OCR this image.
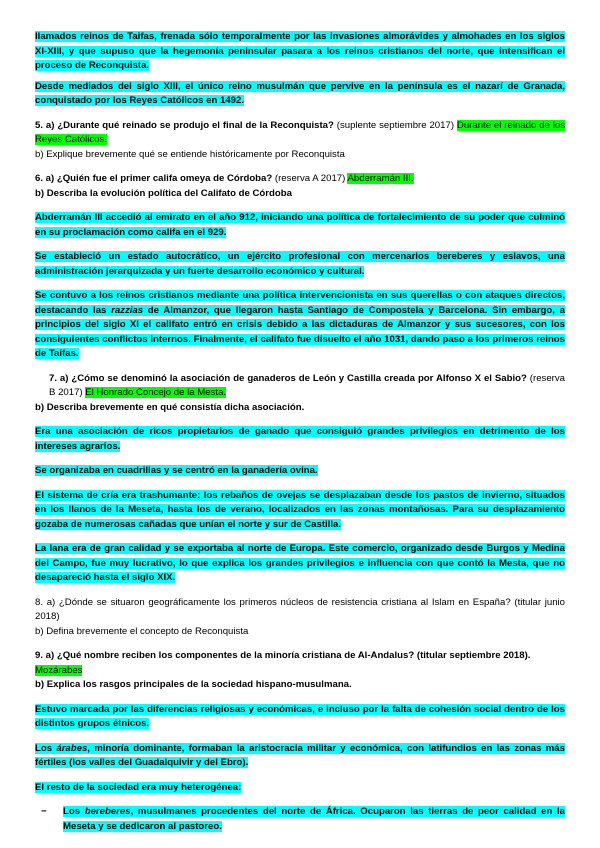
llamados reinos de Taifas, frenada sólo temporalmente por las invasiones almorávides y almohades en los siglos XI-XIII, y que supuso que la hegemonía peninsular pasara a los reinos cristianos del norte, que intensifican el proceso de Reconquista.

Desde mediados del siglo XIII, el único reino musulmán que pervive en la península es el nazarí de Granada, conquistado por los Reyes Católicos en 1492.

5. a) ¿Durante qué reinado se produjo el final de la Reconquista? (suplente septiembre 2017) Durante el reinado de los Reyes Católicos.

b) Explique brevemente qué se entiende históricamente por Reconquista

6. a) ¿Quién fue el primer califa omeya de Córdoba? (reserva A 2017) Abderramán III.

b) Describa la evolución política del Califato de Córdoba

Abderramán III accedió al emirato en el año 912, iniciando una política de fortalecimiento de su poder que culminó en su proclamación como califa en el 929.

Se estableció un estado autocrático, un ejército profesional con mercenarios bereberes y eslavos, una administración jerarquizada y un fuerte desarrollo económico y cultural.

Se contuvo a los reinos cristianos mediante una política intervencionista en sus querellas o con ataques directos, destacando las razzias de Almanzor, que llegaron hasta Santiago de Compostela y Barcelona. Sin embargo, a principios del siglo XI el califato entró en crisis debido a las dictaduras de Almanzor y sus sucesores, con los consiguientes conflictos internos. Finalmente, el califato fue disuelto el año 1031, dando paso a los primeros reinos de Taifas.

7. a) ¿Cómo se denominó la asociación de ganaderos de León y Castilla creada por Alfonso X el Sabio? (reserva B 2017) El Honrado Concejo de la Mesta.

b) Describa brevemente en qué consistía dicha asociación.

Era una asociación de ricos propietarios de ganado que consiguió grandes privilegios en detrimento de los intereses agrarios.

Se organizaba en cuadrillas y se centró en la ganadería ovina.

El sistema de cría era trashumante: los rebaños de ovejas se desplazaban desde los pastos de invierno, situados en los llanos de la Meseta, hasta los de verano, localizados en las zonas montañosas. Para su desplazamiento gozaba de numerosas cañadas que unían el norte y sur de Castilla.

La lana era de gran calidad y se exportaba al norte de Europa. Este comercio, organizado desde Burgos y Medina del Campo, fue muy lucrativo, lo que explica los grandes privilegios e influencia con que contó la Mesta, que no desapareció hasta el siglo XIX.

8. a) ¿Dónde se situaron geográficamente los primeros núcleos de resistencia cristiana al Islam en España? (titular junio 2018)

b) Defina brevemente el concepto de Reconquista

9. a) ¿Qué nombre reciben los componentes de la minoría cristiana de Al-Andalus? (titular septiembre 2018).
Mozárabes

b) Explica los rasgos principales de la sociedad hispano-musulmana.

Estuvo marcada por las diferencias religiosas y económicas, e incluso por la falta de cohesión social dentro de los distintos grupos étnicos.

Los árabes, minoría dominante, formaban la aristocracia militar y económica, con latifundios en las zonas más fértiles (los valles del Guadalquivir y del Ebro).

El resto de la sociedad era muy heterogénea:

− Los bereberes, musulmanes procedentes del norte de África. Ocuparon las tierras de peor calidad en la Meseta y se dedicaron al pastoreo.
